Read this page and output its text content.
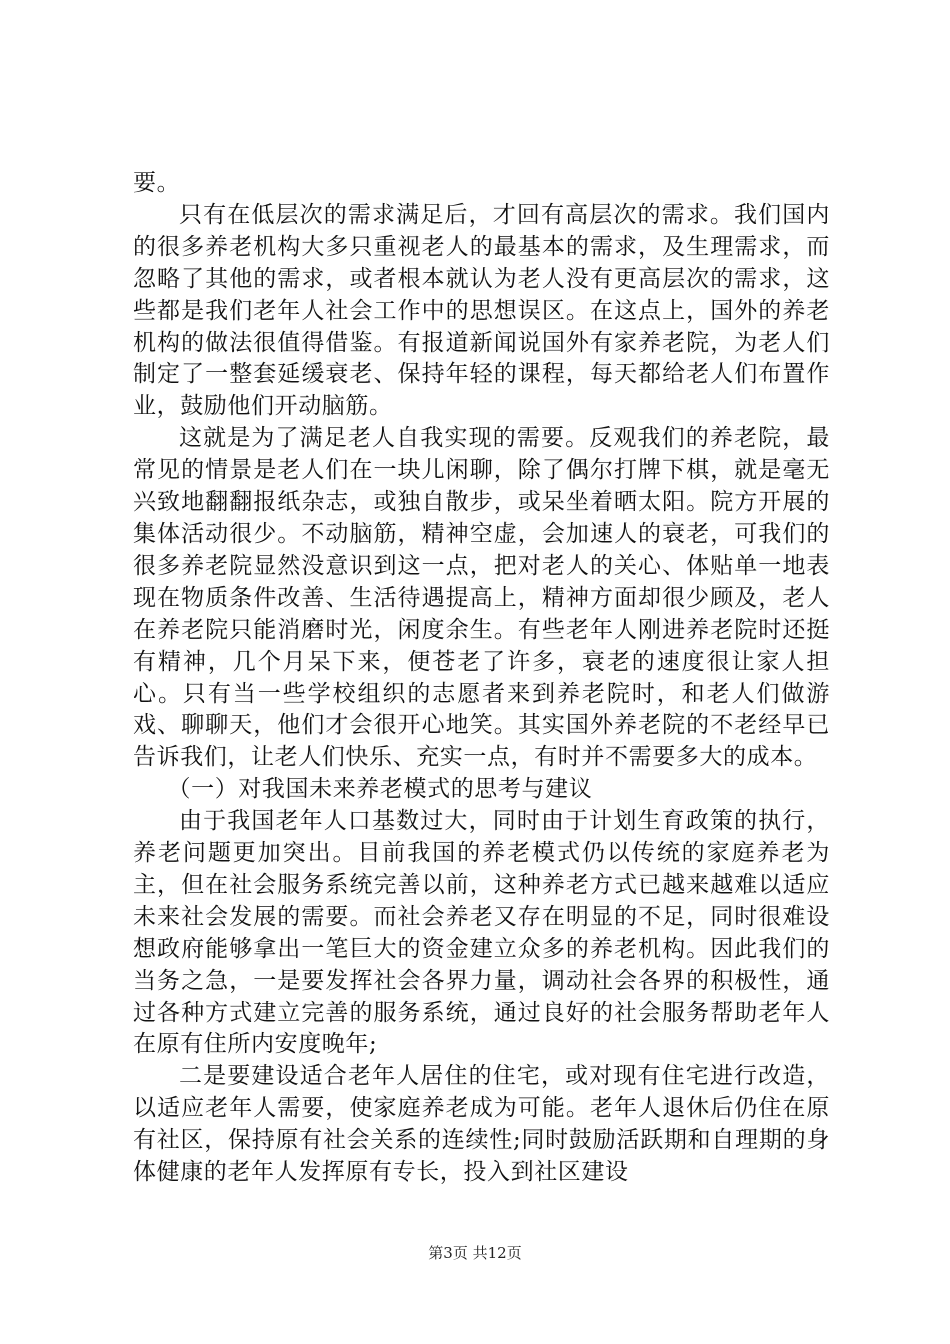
要。

只有在低层次的需求满足后，才回有高层次的需求。我们国内的很多养老机构大多只重视老人的最基本的需求，及生理需求，而忽略了其他的需求，或者根本就认为老人没有更高层次的需求，这些都是我们老年人社会工作中的思想误区。在这点上，国外的养老机构的做法很值得借鉴。有报道新闻说国外有家养老院，为老人们制定了一整套延缓衰老、保持年轻的课程，每天都给老人们布置作业，鼓励他们开动脑筋。

这就是为了满足老人自我实现的需要。反观我们的养老院，最常见的情景是老人们在一块儿闲聊，除了偶尔打牌下棋，就是毫无兴致地翻翻报纸杂志，或独自散步，或呆坐着晒太阳。院方开展的集体活动很少。不动脑筋，精神空虚，会加速人的衰老，可我们的很多养老院显然没意识到这一点，把对老人的关心、体贴单一地表现在物质条件改善、生活待遇提高上，精神方面却很少顾及，老人在养老院只能消磨时光，闲度余生。有些老年人刚进养老院时还挺有精神，几个月呆下来，便苍老了许多，衰老的速度很让家人担心。只有当一些学校组织的志愿者来到养老院时，和老人们做游戏、聊聊天，他们才会很开心地笑。其实国外养老院的不老经早已告诉我们，让老人们快乐、充实一点，有时并不需要多大的成本。

（一）对我国未来养老模式的思考与建议

由于我国老年人口基数过大，同时由于计划生育政策的执行，养老问题更加突出。目前我国的养老模式仍以传统的家庭养老为主，但在社会服务系统完善以前，这种养老方式已越来越难以适应未来社会发展的需要。而社会养老又存在明显的不足，同时很难设想政府能够拿出一笔巨大的资金建立众多的养老机构。因此我们的当务之急，一是要发挥社会各界力量，调动社会各界的积极性，通过各种方式建立完善的服务系统，通过良好的社会服务帮助老年人在原有住所内安度晚年;

二是要建设适合老年人居住的住宅，或对现有住宅进行改造，以适应老年人需要，使家庭养老成为可能。老年人退休后仍住在原有社区，保持原有社会关系的连续性;同时鼓励活跃期和自理期的身体健康的老年人发挥原有专长，投入到社区建设

第3页 共12页
